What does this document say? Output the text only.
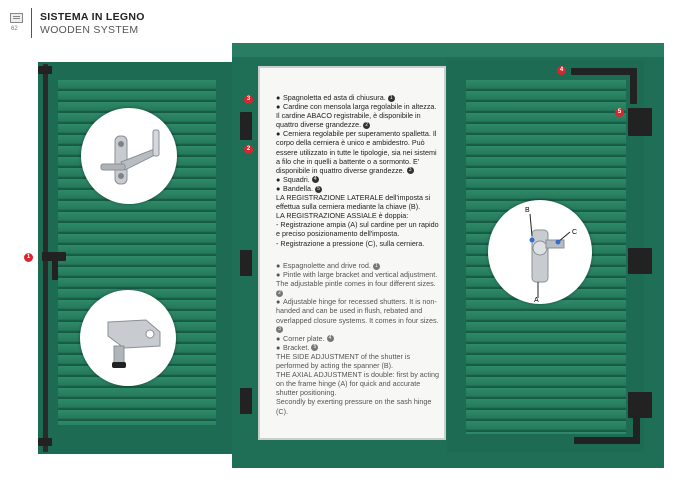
62
SISTEMA IN LEGNO
WOODEN SYSTEM
1
2
3
4
5
B
C
A

● Spagnoletta ed asta di chiusura. 1

● Cardine con mensola larga regolabile in altezza. Il cardine ABACO registrabile, è disponibile in quattro diverse grandezze. 2

● Cerniera regolabile per superamento spalletta. Il corpo della cerniera è unico e ambidestro. Può essere utilizzato in tutte le tipologie, sia nei sistemi a filo che in quelli a battente o a sormonto. E' disponibile in quattro diverse grandezze. 3

● Squadri. 4

● Bandella. 5

LA REGISTRAZIONE LATERALE dell'imposta si effettua sulla cerniera mediante la chiave (B).

LA REGISTRAZIONE ASSIALE è doppia:

- Registrazione ampia (A) sul cardine per un rapido e preciso posizionamento dell'imposta.

- Registrazione a pressione (C), sulla cerniera.

● Espagnolette and drive rod. 1

● Pintle with large bracket and vertical adjustment. The adjustable pintle comes in four different sizes. 2

● Adjustable hinge for recessed shutters. It is non-handed and can be used in flush, rebated and overlapped closure systems. It comes in four sizes. 3

● Corner plate. 4

● Bracket. 5

THE SIDE ADJUSTMENT of the shutter is performed by acting the spanner (B).

THE AXIAL ADJUSTMENT is double: first by acting on the frame hinge (A) for quick and accurate shutter positioning.

Secondly by exerting pressure on the sash hinge (C).
